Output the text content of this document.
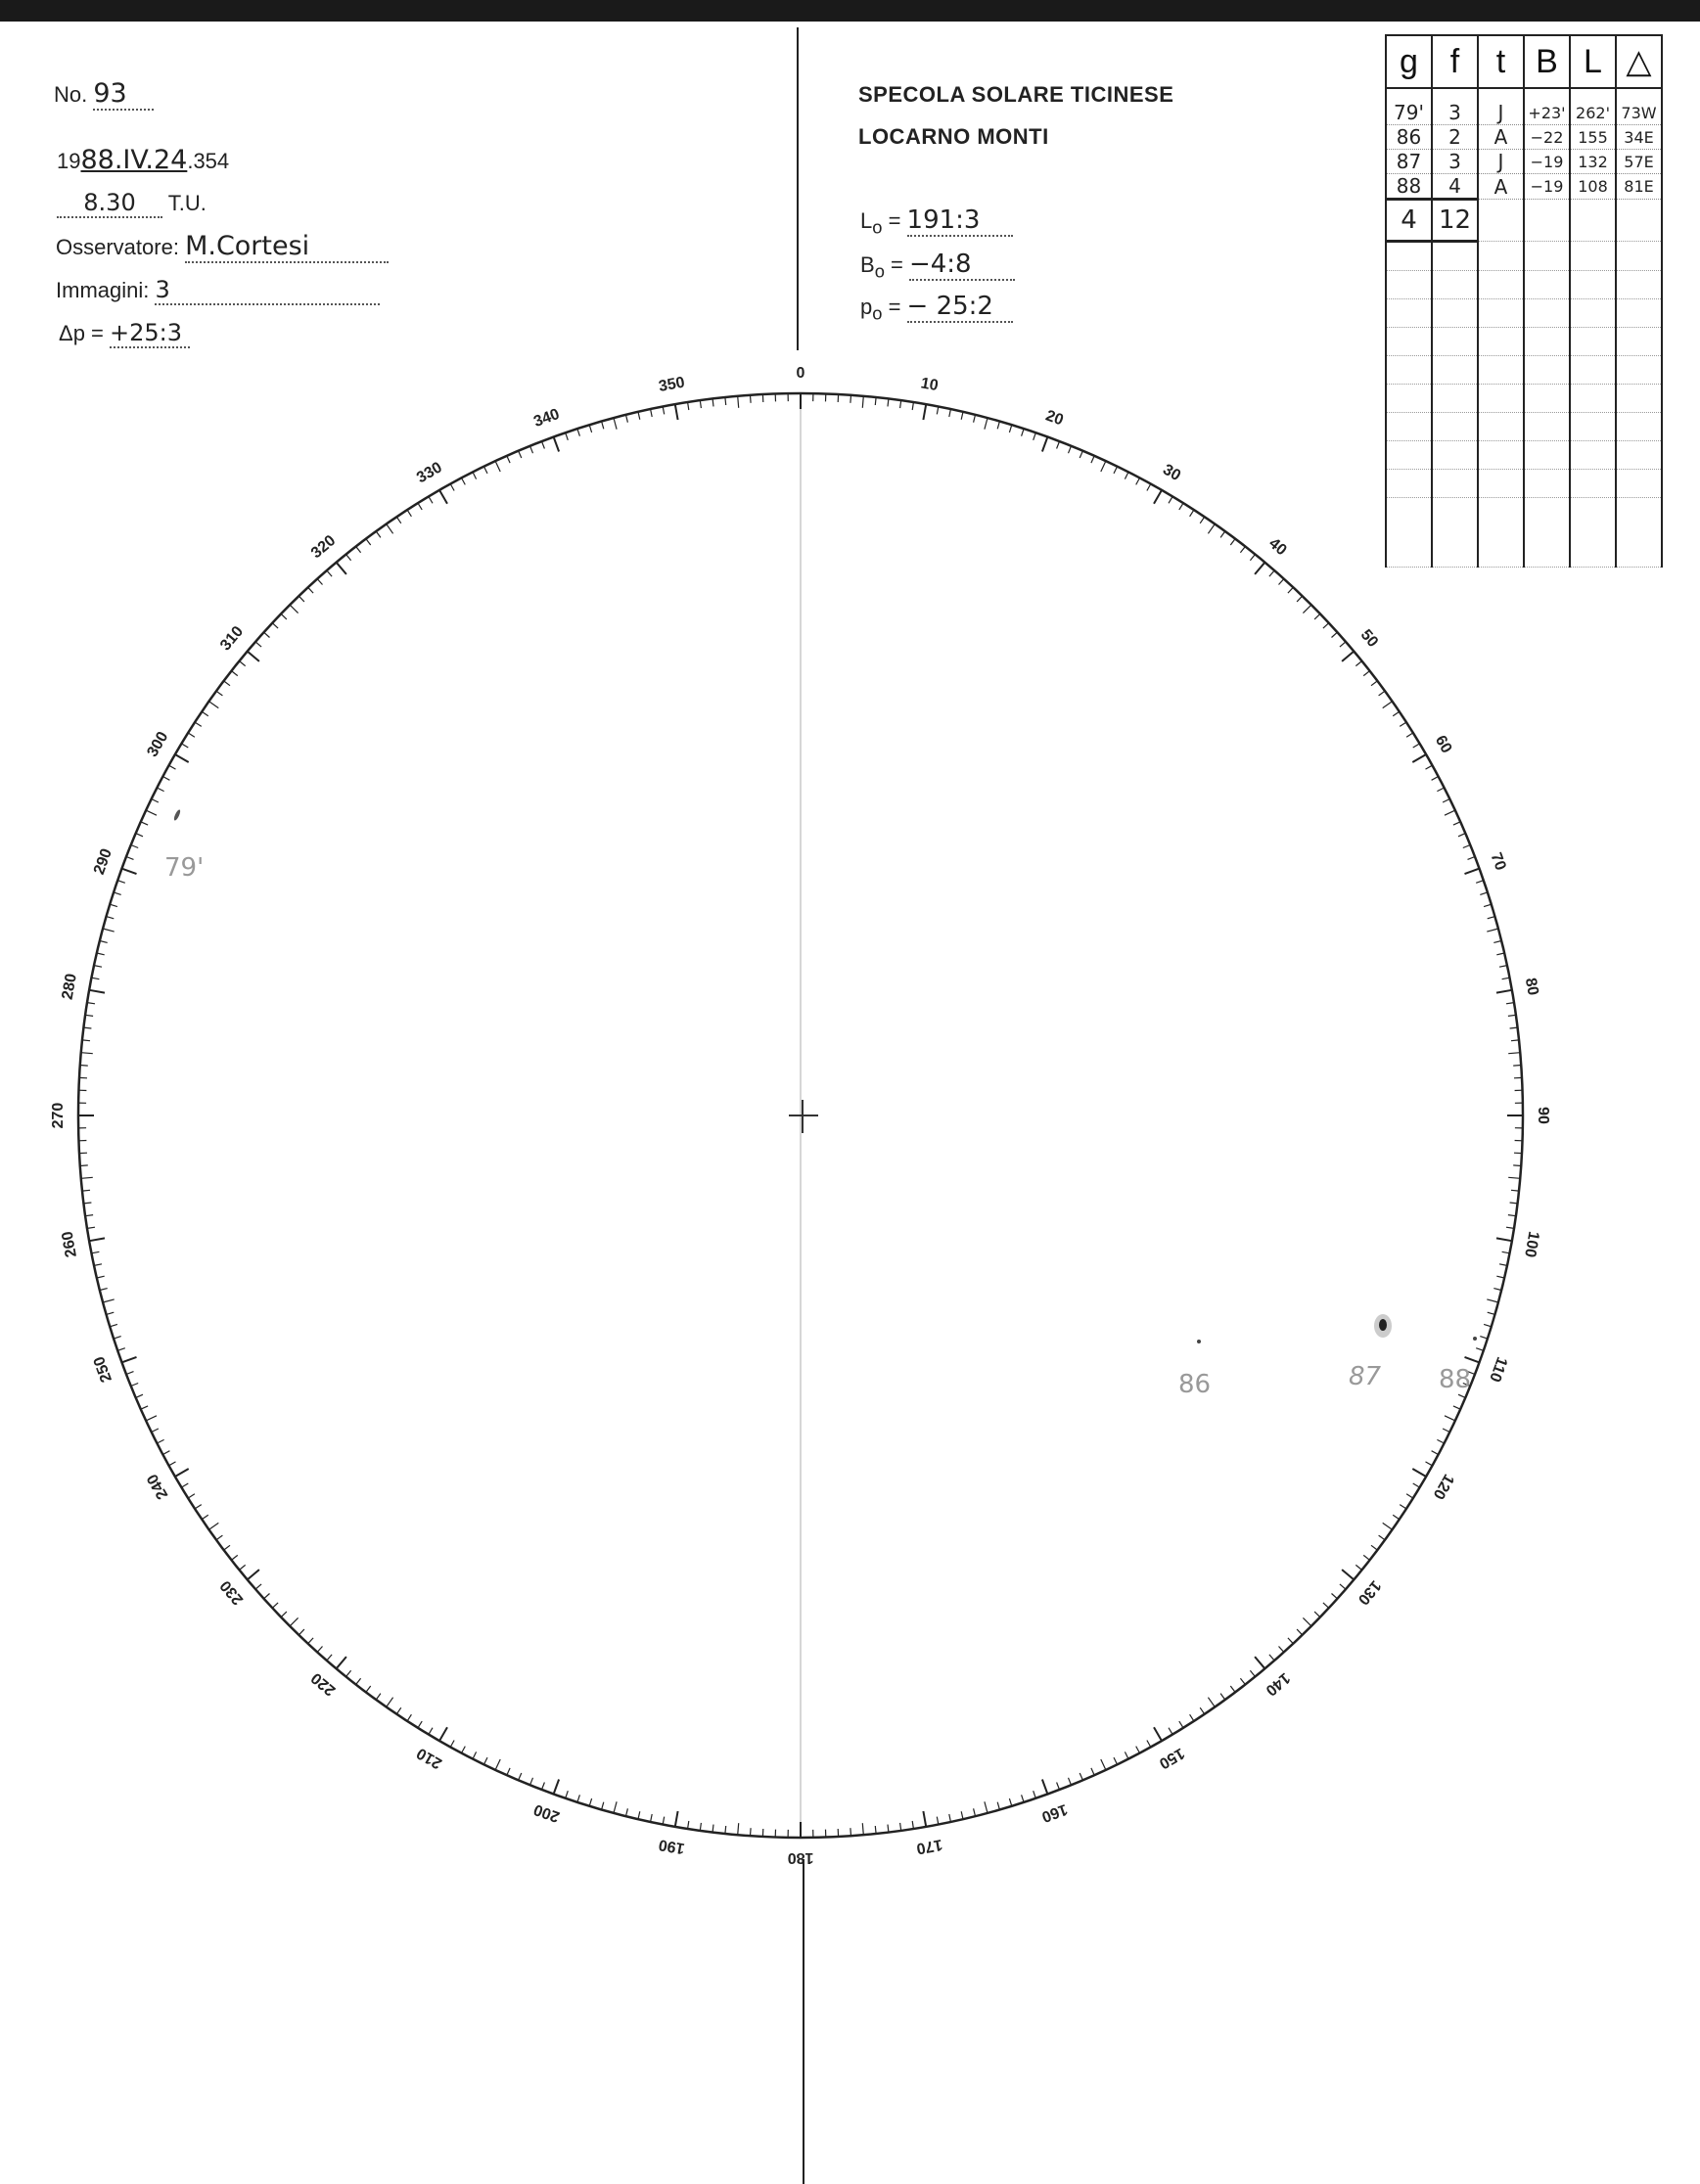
No. 93
1988.IV.24.354
8.30 T.U.
Osservatore: M.Cortesi
Immagini: 3
Δp = +25:3
SPECOLA SOLARE TICINESE
LOCARNO MONTI
$L_o$ = 191:3
$B_o$ = −4:8
$p_o$ = − 25:2
g	f	t	B	L	△
79'	3	J	+23'	262'	73W
86	2	A	−22	155	34E
87	3	J	−19	132	57E
88	4	A	−19	108	81E
4	12				

0
10
20
30
40
50
60
70
80
90
100
110
120
130
140
150
160
170
180
190
200
210
220
230
240
250
260
270
280
290
300
310
320
330
340
350
79'
86	87 88
